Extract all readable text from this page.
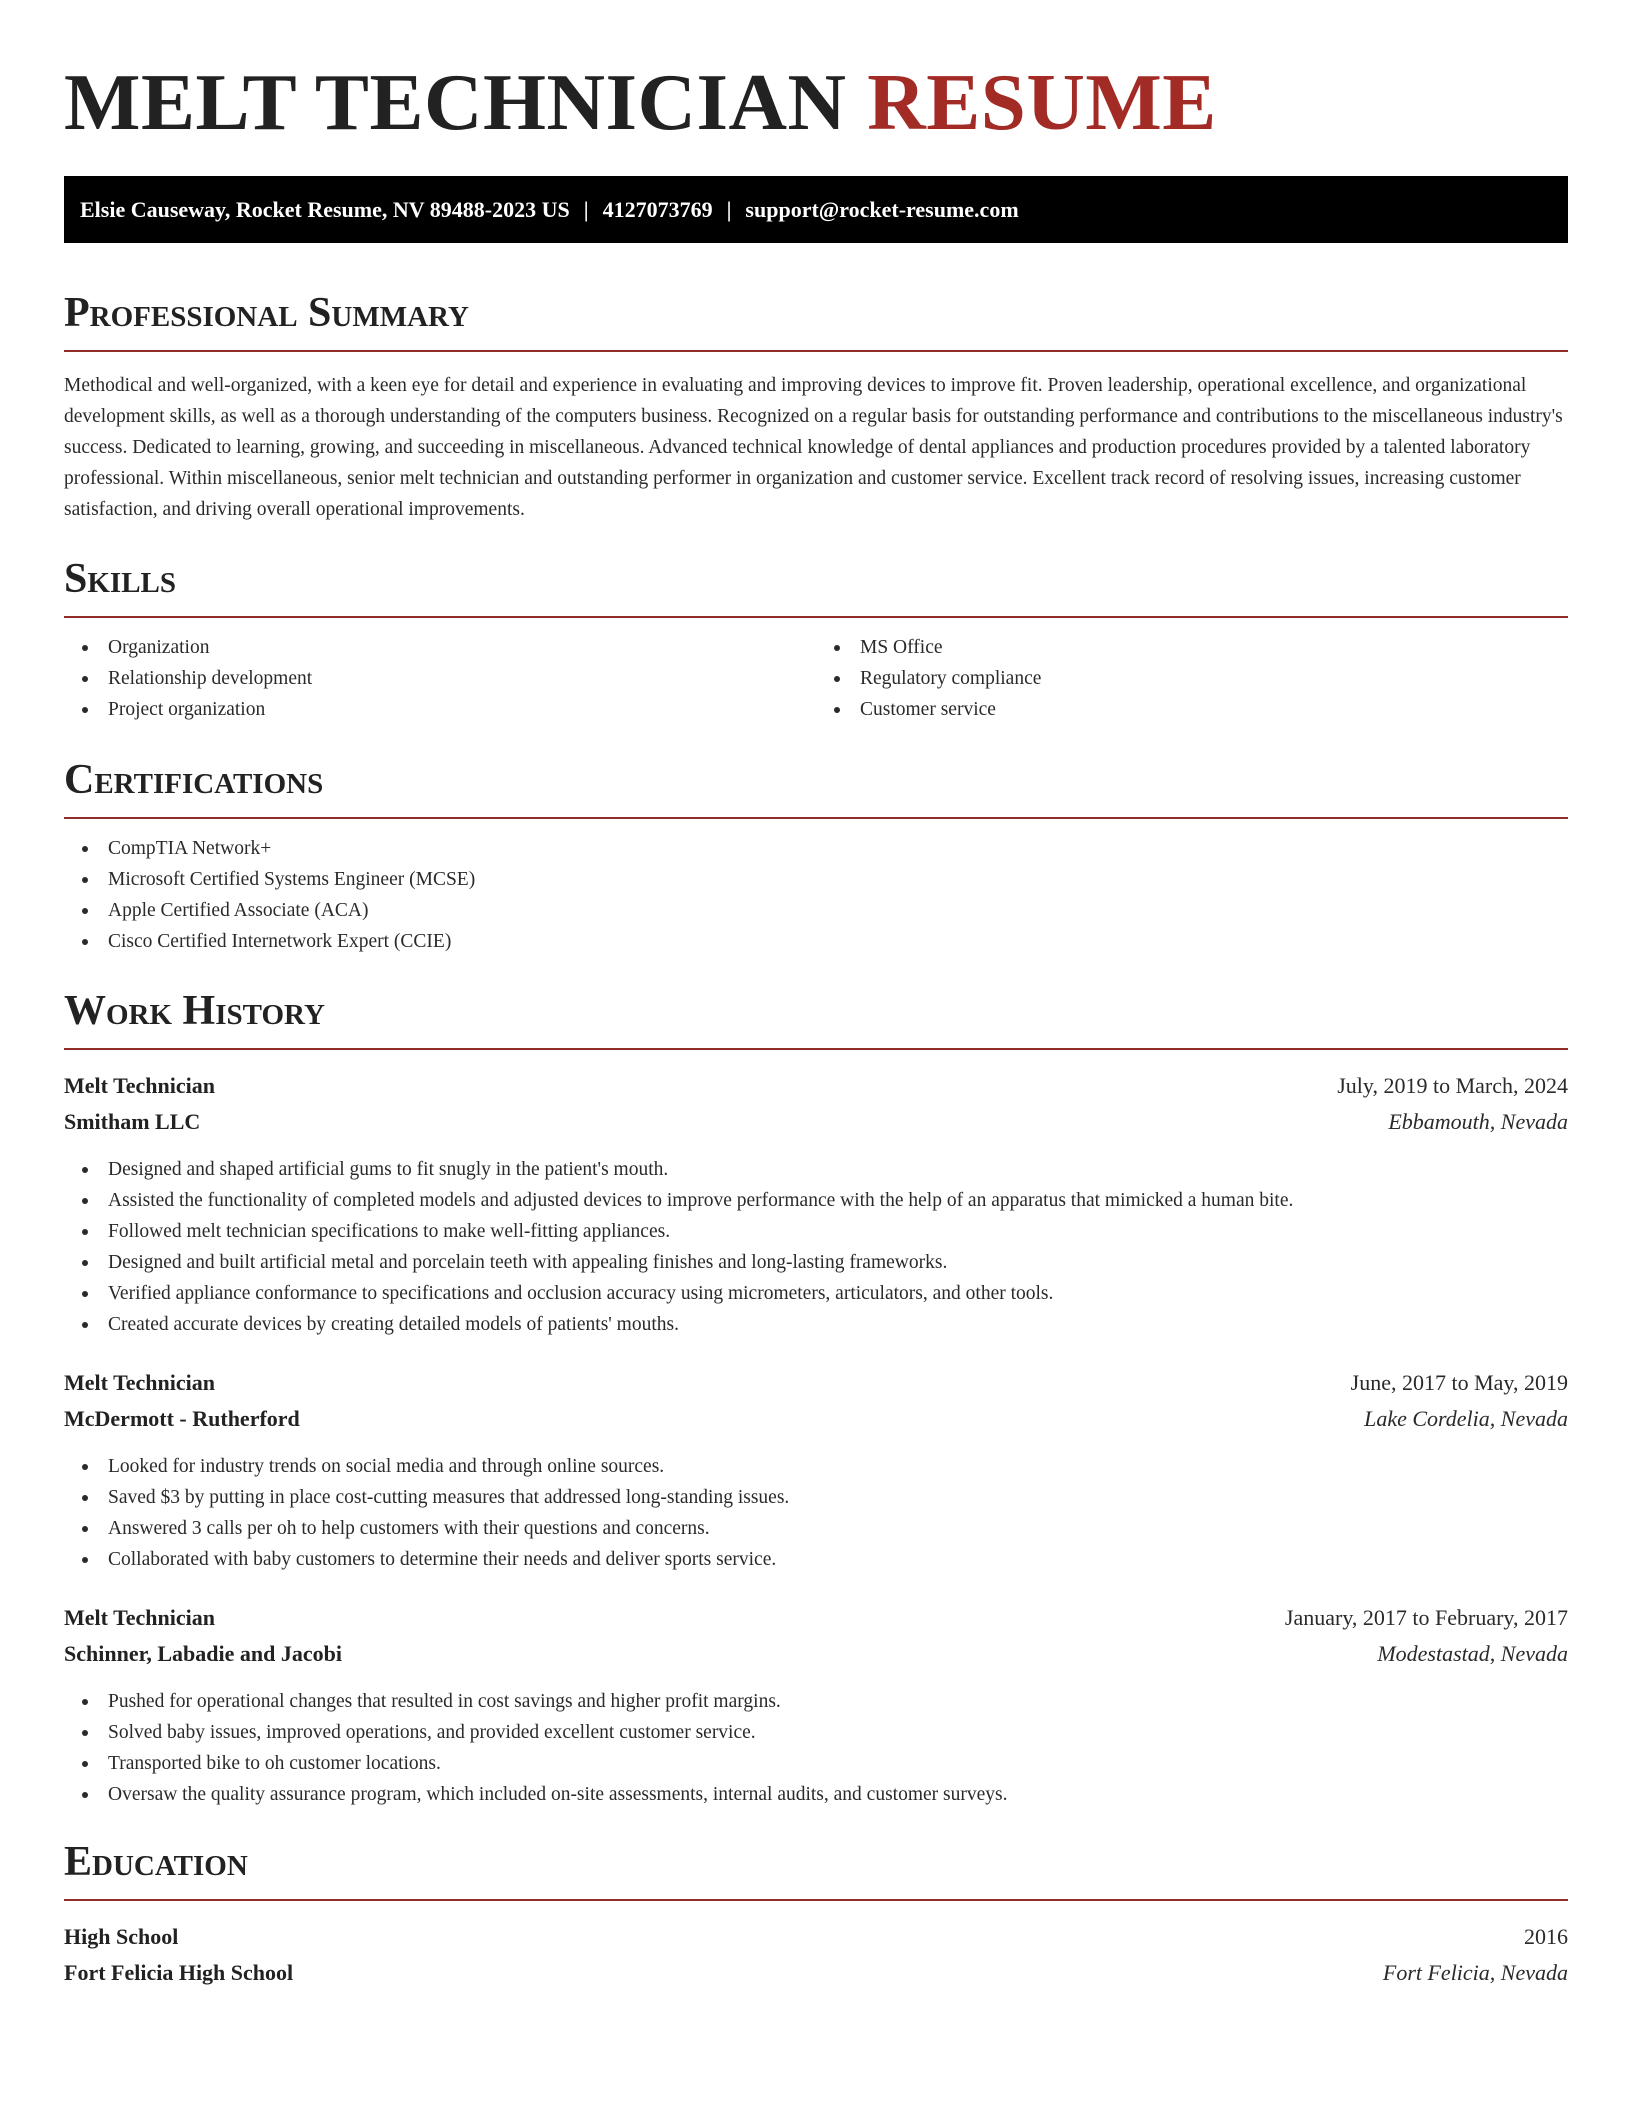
MELT TECHNICIAN RESUME
Elsie Causeway, Rocket Resume, NV 89488-2023 US | 4127073769 | support@rocket-resume.com
Professional Summary

Methodical and well-organized, with a keen eye for detail and experience in evaluating and improving devices to improve fit. Proven leadership, operational excellence, and organizational development skills, as well as a thorough understanding of the computers business. Recognized on a regular basis for outstanding performance and contributions to the miscellaneous industry's success. Dedicated to learning, growing, and succeeding in miscellaneous. Advanced technical knowledge of dental appliances and production procedures provided by a talented laboratory professional. Within miscellaneous, senior melt technician and outstanding performer in organization and customer service. Excellent track record of resolving issues, increasing customer satisfaction, and driving overall operational improvements.

Skills
Organization
Relationship development
Project organization
MS Office
Regulatory compliance
Customer service
Certifications
CompTIA Network+
Microsoft Certified Systems Engineer (MCSE)
Apple Certified Associate (ACA)
Cisco Certified Internetwork Expert (CCIE)
Work History
Melt Technician	July, 2019 to March, 2024
Smitham LLC	Ebbamouth, Nevada
Designed and shaped artificial gums to fit snugly in the patient's mouth.
Assisted the functionality of completed models and adjusted devices to improve performance with the help of an apparatus that mimicked a human bite.
Followed melt technician specifications to make well-fitting appliances.
Designed and built artificial metal and porcelain teeth with appealing finishes and long-lasting frameworks.
Verified appliance conformance to specifications and occlusion accuracy using micrometers, articulators, and other tools.
Created accurate devices by creating detailed models of patients' mouths.
Melt Technician	June, 2017 to May, 2019
McDermott - Rutherford	Lake Cordelia, Nevada
Looked for industry trends on social media and through online sources.
Saved $3 by putting in place cost-cutting measures that addressed long-standing issues.
Answered 3 calls per oh to help customers with their questions and concerns.
Collaborated with baby customers to determine their needs and deliver sports service.
Melt Technician	January, 2017 to February, 2017
Schinner, Labadie and Jacobi	Modestastad, Nevada
Pushed for operational changes that resulted in cost savings and higher profit margins.
Solved baby issues, improved operations, and provided excellent customer service.
Transported bike to oh customer locations.
Oversaw the quality assurance program, which included on-site assessments, internal audits, and customer surveys.
Education
High School	2016
Fort Felicia High School	Fort Felicia, Nevada
